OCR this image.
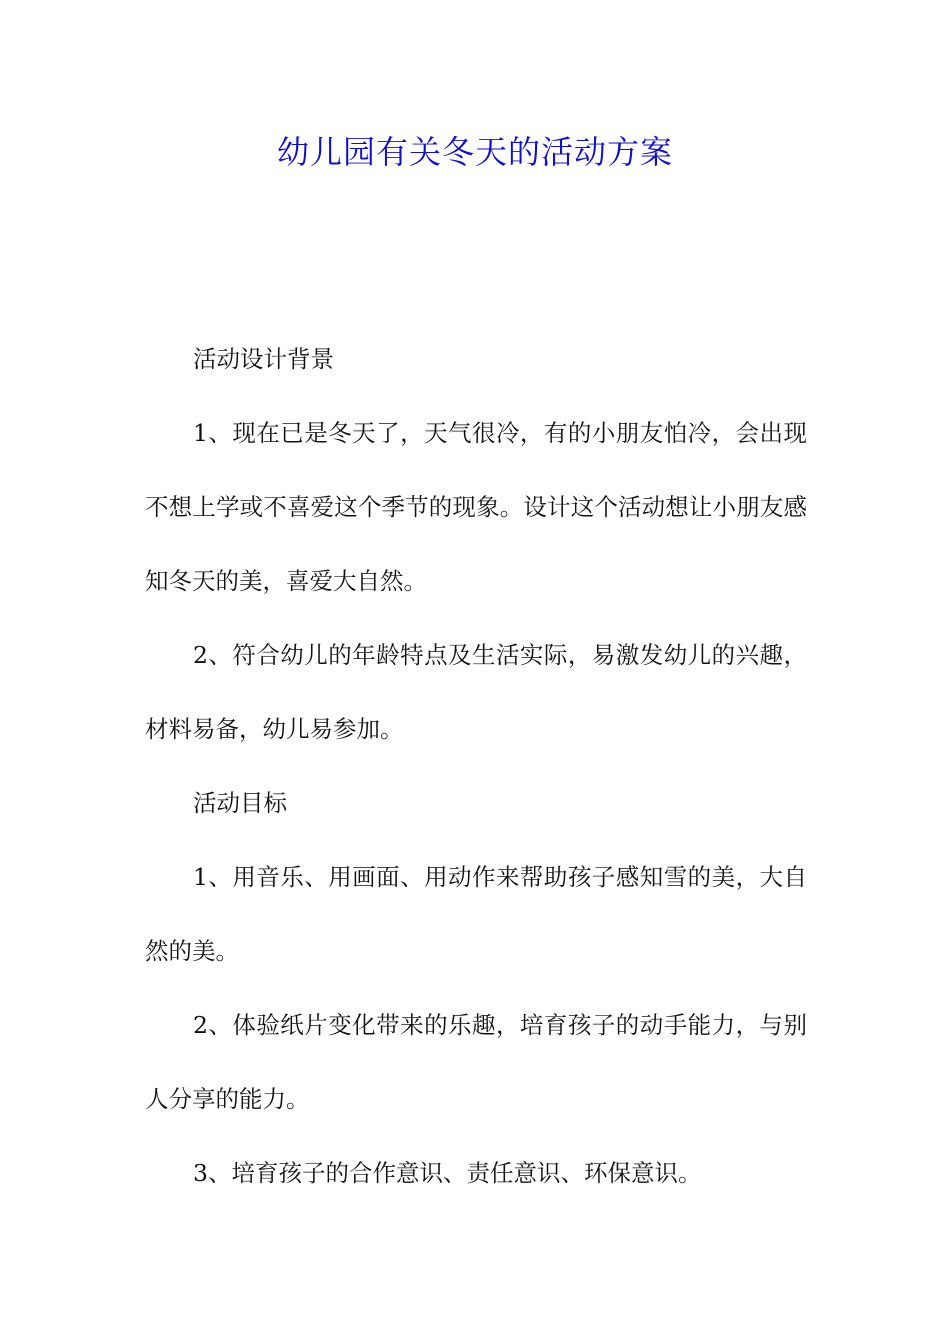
幼儿园有关冬天的活动方案

活动设计背景

1、现在已是冬天了，天气很冷，有的小朋友怕冷，会出现不想上学或不喜爱这个季节的现象。设计这个活动想让小朋友感知冬天的美，喜爱大自然。

2、符合幼儿的年龄特点及生活实际，易激发幼儿的兴趣，材料易备，幼儿易参加。

活动目标

1、用音乐、用画面、用动作来帮助孩子感知雪的美，大自然的美。

2、体验纸片变化带来的乐趣，培育孩子的动手能力，与别人分享的能力。

3、培育孩子的合作意识、责任意识、环保意识。
